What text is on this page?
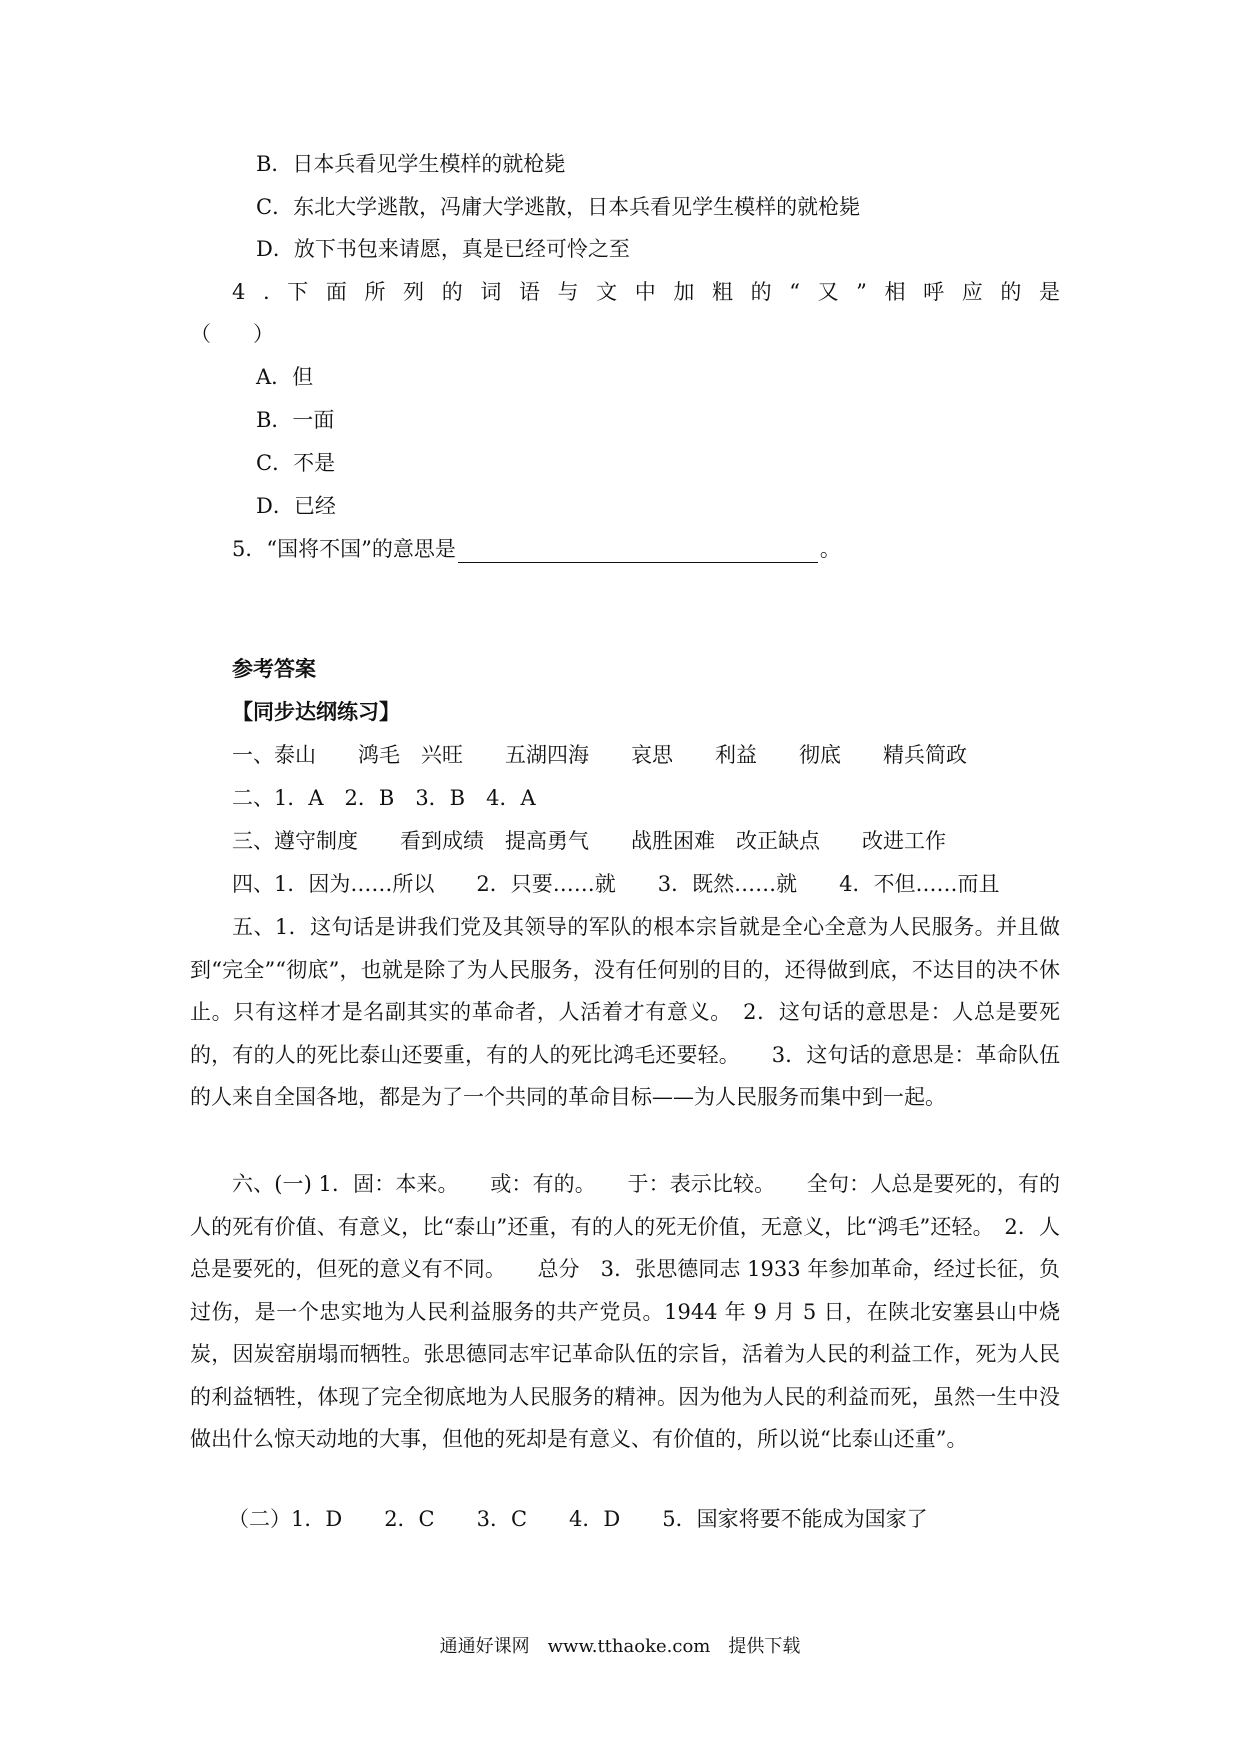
B．日本兵看见学生模样的就枪毙
C．东北大学逃散，冯庸大学逃散，日本兵看见学生模样的就枪毙
D．放下书包来请愿，真是已经可怜之至
4 . 下 面 所 列 的 词 语 与 文 中 加 粗 的 “ 又 ” 相 呼 应 的 是
（　　）
A．但
B．一面
C．不是
D．已经
5．“国将不国”的意思是	。
参考答案
【同步达纲练习】
一、泰山　　鸿毛　兴旺　　五湖四海　　哀思　　利益　　彻底　　精兵简政
二、1．A　2．B　3．B　4．A
三、遵守制度　　看到成绩　提高勇气　　战胜困难　改正缺点　　改进工作
四、1．因为……所以　　2．只要……就　　3．既然……就　　4．不但……而且
五、1．这句话是讲我们党及其领导的军队的根本宗旨就是全心全意为人民服务。并且做到“完全”“彻底”，也就是除了为人民服务，没有任何别的目的，还得做到底，不达目的决不休止。只有这样才是名副其实的革命者，人活着才有意义。　2．这句话的意思是：人总是要死的，有的人的死比泰山还要重，有的人的死比鸿毛还要轻。　　3．这句话的意思是：革命队伍的人来自全国各地，都是为了一个共同的革命目标——为人民服务而集中到一起。
六、(一) 1．固：本来。　　或：有的。　　于：表示比较。　　全句：人总是要死的，有的人的死有价值、有意义，比“泰山”还重，有的人的死无价值，无意义，比“鸿毛”还轻。　2．人总是要死的，但死的意义有不同。　　总分　3．张思德同志 1933 年参加革命，经过长征，负过伤，是一个忠实地为人民利益服务的共产党员。1944 年 9 月 5 日，在陕北安塞县山中烧炭，因炭窑崩塌而牺牲。张思德同志牢记革命队伍的宗旨，活着为人民的利益工作，死为人民的利益牺牲，体现了完全彻底地为人民服务的精神。因为他为人民的利益而死，虽然一生中没做出什么惊天动地的大事，但他的死却是有意义、有价值的，所以说“比泰山还重”。
（二）1．D　　2．C　　3．C　　4．D　　5．国家将要不能成为国家了
通通好课网　www.tthaoke.com　提供下载
